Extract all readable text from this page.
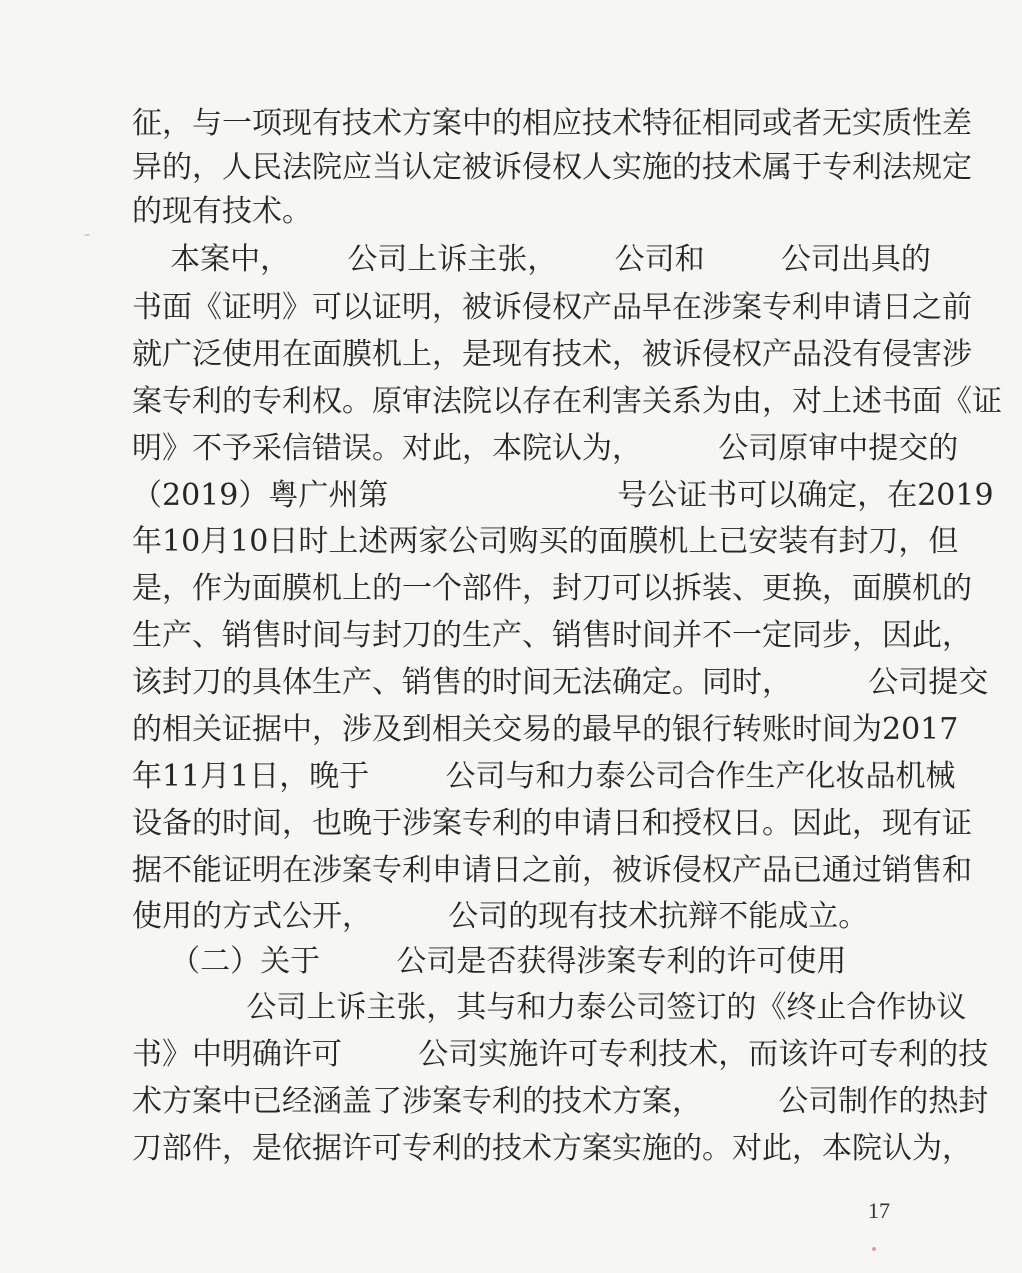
征，与一项现有技术方案中的相应技术特征相同或者无实质性差
异的，人民法院应当认定被诉侵权人实施的技术属于专利法规定
的现有技术。
本案中，      公司上诉主张，      公司和        公司出具的
书面《证明》可以证明，被诉侵权产品早在涉案专利申请日之前
就广泛使用在面膜机上，是现有技术，被诉侵权产品没有侵害涉
案专利的专利权。原审法院以存在利害关系为由，对上述书面《证
明》不予采信错误。对此，本院认为，        公司原审中提交的
（2019）粤广州第                        号公证书可以确定，在2019
年10月10日时上述两家公司购买的面膜机上已安装有封刀，但
是，作为面膜机上的一个部件，封刀可以拆装、更换，面膜机的
生产、销售时间与封刀的生产、销售时间并不一定同步，因此，
该封刀的具体生产、销售的时间无法确定。同时，        公司提交
的相关证据中，涉及到相关交易的最早的银行转账时间为2017
年11月1日，晚于        公司与和力泰公司合作生产化妆品机械
设备的时间，也晚于涉案专利的申请日和授权日。因此，现有证
据不能证明在涉案专利申请日之前，被诉侵权产品已通过销售和
使用的方式公开，        公司的现有技术抗辩不能成立。
（二）关于        公司是否获得涉案专利的许可使用
公司上诉主张，其与和力泰公司签订的《终止合作协议
书》中明确许可        公司实施许可专利技术，而该许可专利的技
术方案中已经涵盖了涉案专利的技术方案，        公司制作的热封
刀部件，是依据许可专利的技术方案实施的。对此，本院认为，
17
